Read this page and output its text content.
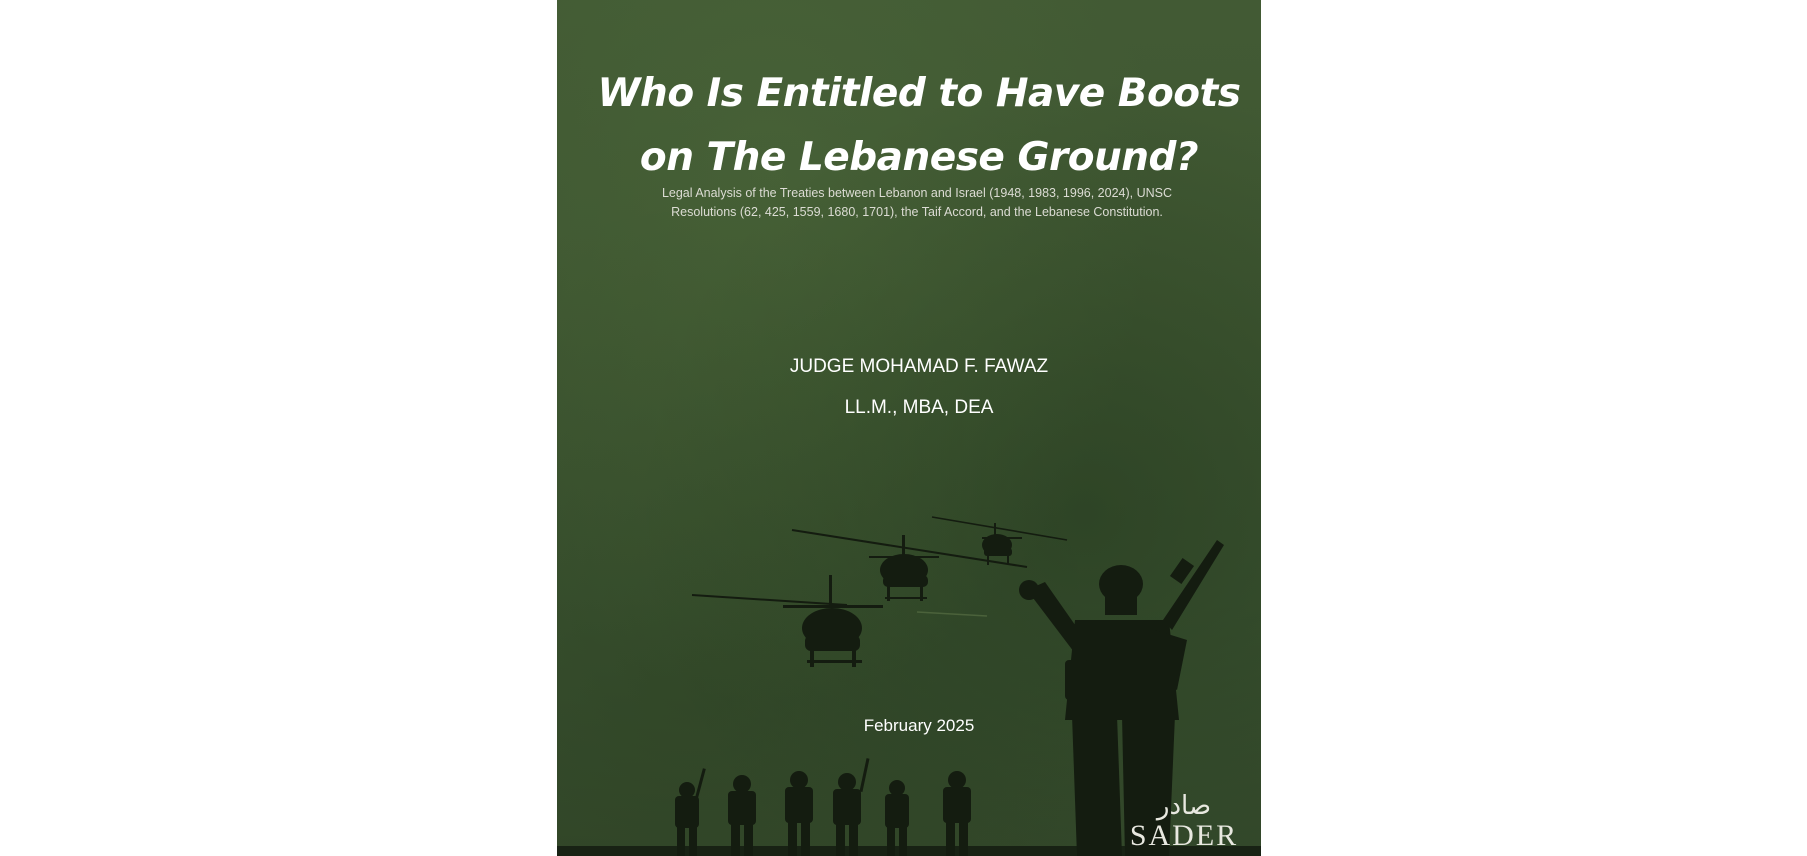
Who Is Entitled to Have Boots
on The Lebanese Ground?

Legal Analysis of the Treaties between Lebanon and Israel (1948, 1983, 1996, 2024), UNSC
Resolutions (62, 425, 1559, 1680, 1701), the Taif Accord, and the Lebanese Constitution.

JUDGE MOHAMAD F. FAWAZ

LL.M., MBA, DEA

February 2025

صادر
SADER
